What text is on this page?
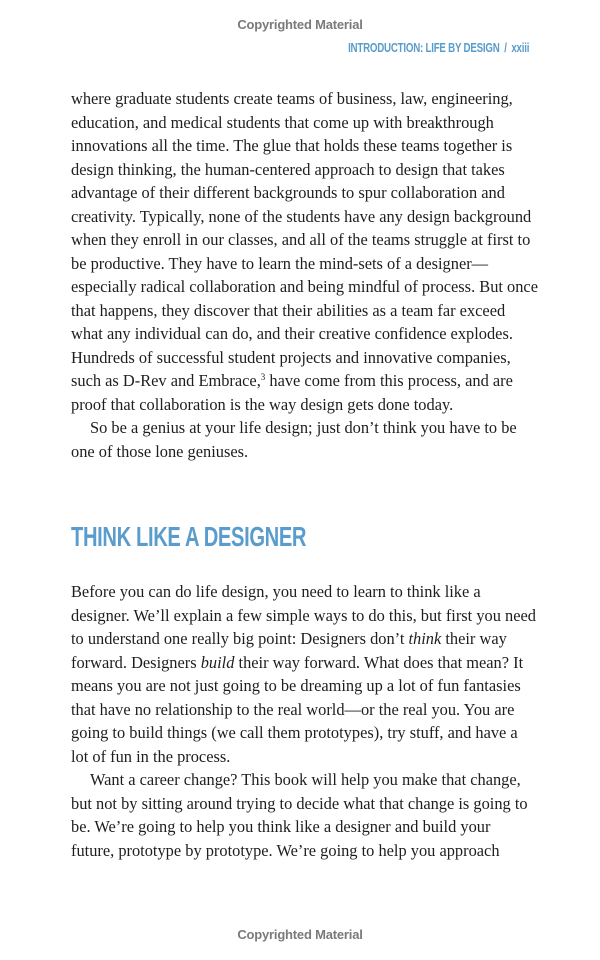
Copyrighted Material
INTRODUCTION: LIFE BY DESIGN / xxiii

where graduate students create teams of business, law, engineering,

education, and medical students that come up with breakthrough

innovations all the time. The glue that holds these teams together is

design thinking, the human-centered approach to design that takes

advantage of their different backgrounds to spur collaboration and

creativity. Typically, none of the students have any design background

when they enroll in our classes, and all of the teams struggle at first to

be productive. They have to learn the mind-sets of a designer—

especially radical collaboration and being mindful of process. But once

that happens, they discover that their abilities as a team far exceed

what any individual can do, and their creative confidence explodes.

Hundreds of successful student projects and innovative companies,

such as D-Rev and Embrace,$^3$ have come from this process, and are

proof that collaboration is the way design gets done today.

So be a genius at your life design; just don’t think you have to be

one of those lone geniuses.

THINK LIKE A DESIGNER

Before you can do life design, you need to learn to think like a

designer. We’ll explain a few simple ways to do this, but first you need

to understand one really big point: Designers don’t think their way

forward. Designers build their way forward. What does that mean? It

means you are not just going to be dreaming up a lot of fun fantasies

that have no relationship to the real world—or the real you. You are

going to build things (we call them prototypes), try stuff, and have a

lot of fun in the process.

Want a career change? This book will help you make that change,

but not by sitting around trying to decide what that change is going to

be. We’re going to help you think like a designer and build your

future, prototype by prototype. We’re going to help you approach

Copyrighted Material
